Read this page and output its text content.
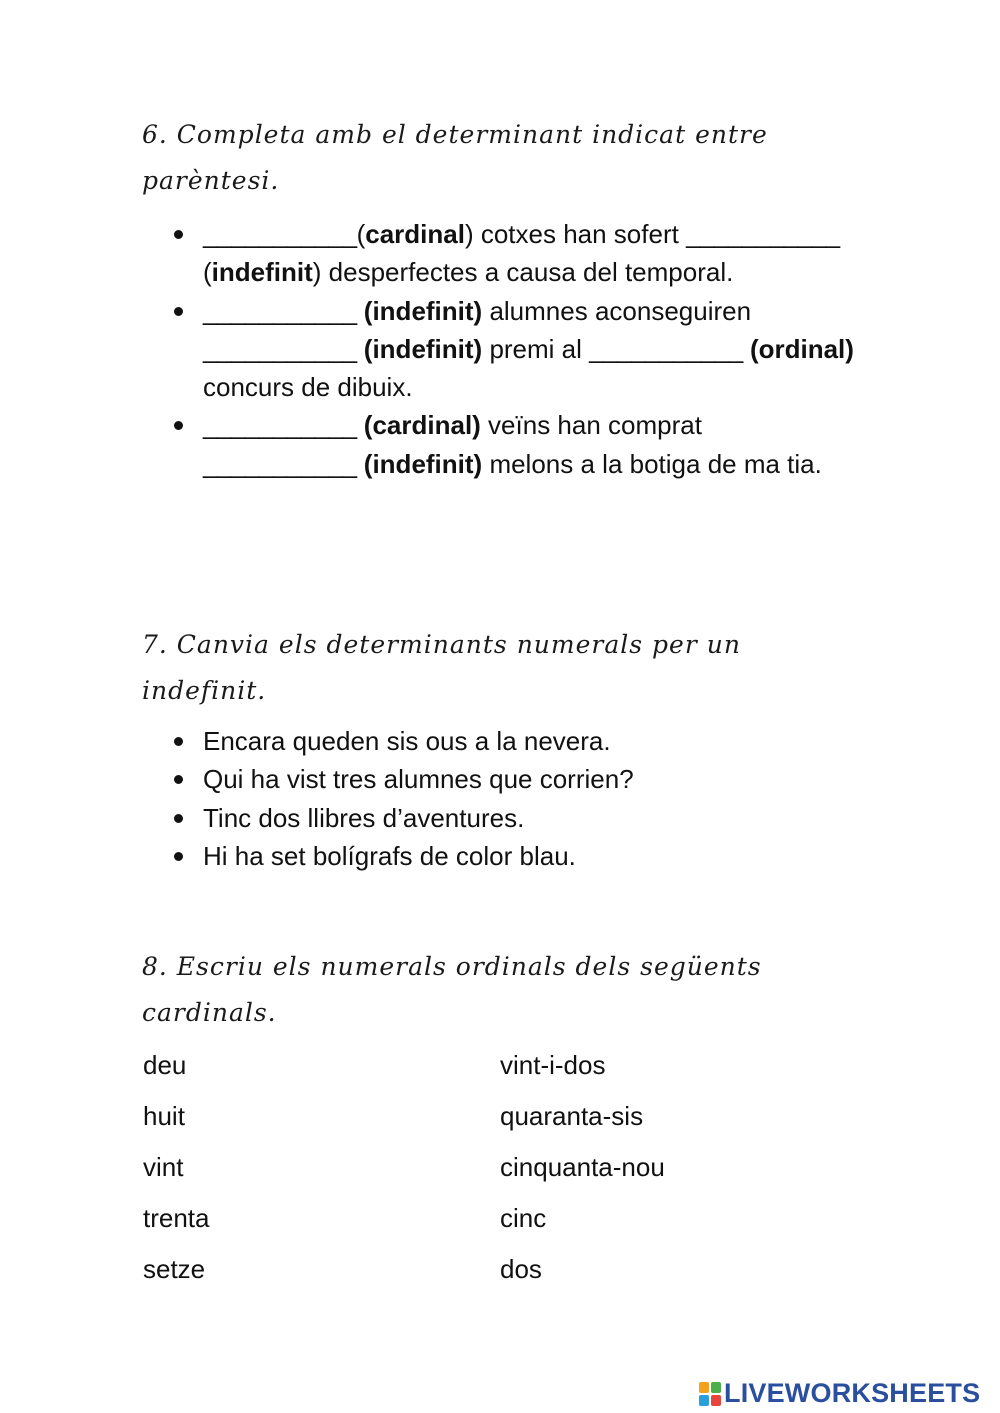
6. Completa amb el determinant indicat entre parèntesi.

___________(cardinal) cotxes han sofert ___________ (indefinit) desperfectes a causa del temporal.
___________ (indefinit) alumnes aconseguiren ___________ (indefinit) premi al ___________ (ordinal) concurs de dibuix.
___________ (cardinal) veïns han comprat ___________ (indefinit) melons a la botiga de ma tia.

7. Canvia els determinants numerals per un indefinit.

Encara queden sis ous a la nevera.
Qui ha vist tres alumnes que corrien?
Tinc dos llibres d’aventures.
Hi ha set bolígrafs de color blau.

8. Escriu els numerals ordinals dels següents cardinals.

deu	vint-i-dos
huit	quaranta-sis
vint	cinquanta-nou
trenta	cinc
setze	dos
LIVEWORKSHEETS
